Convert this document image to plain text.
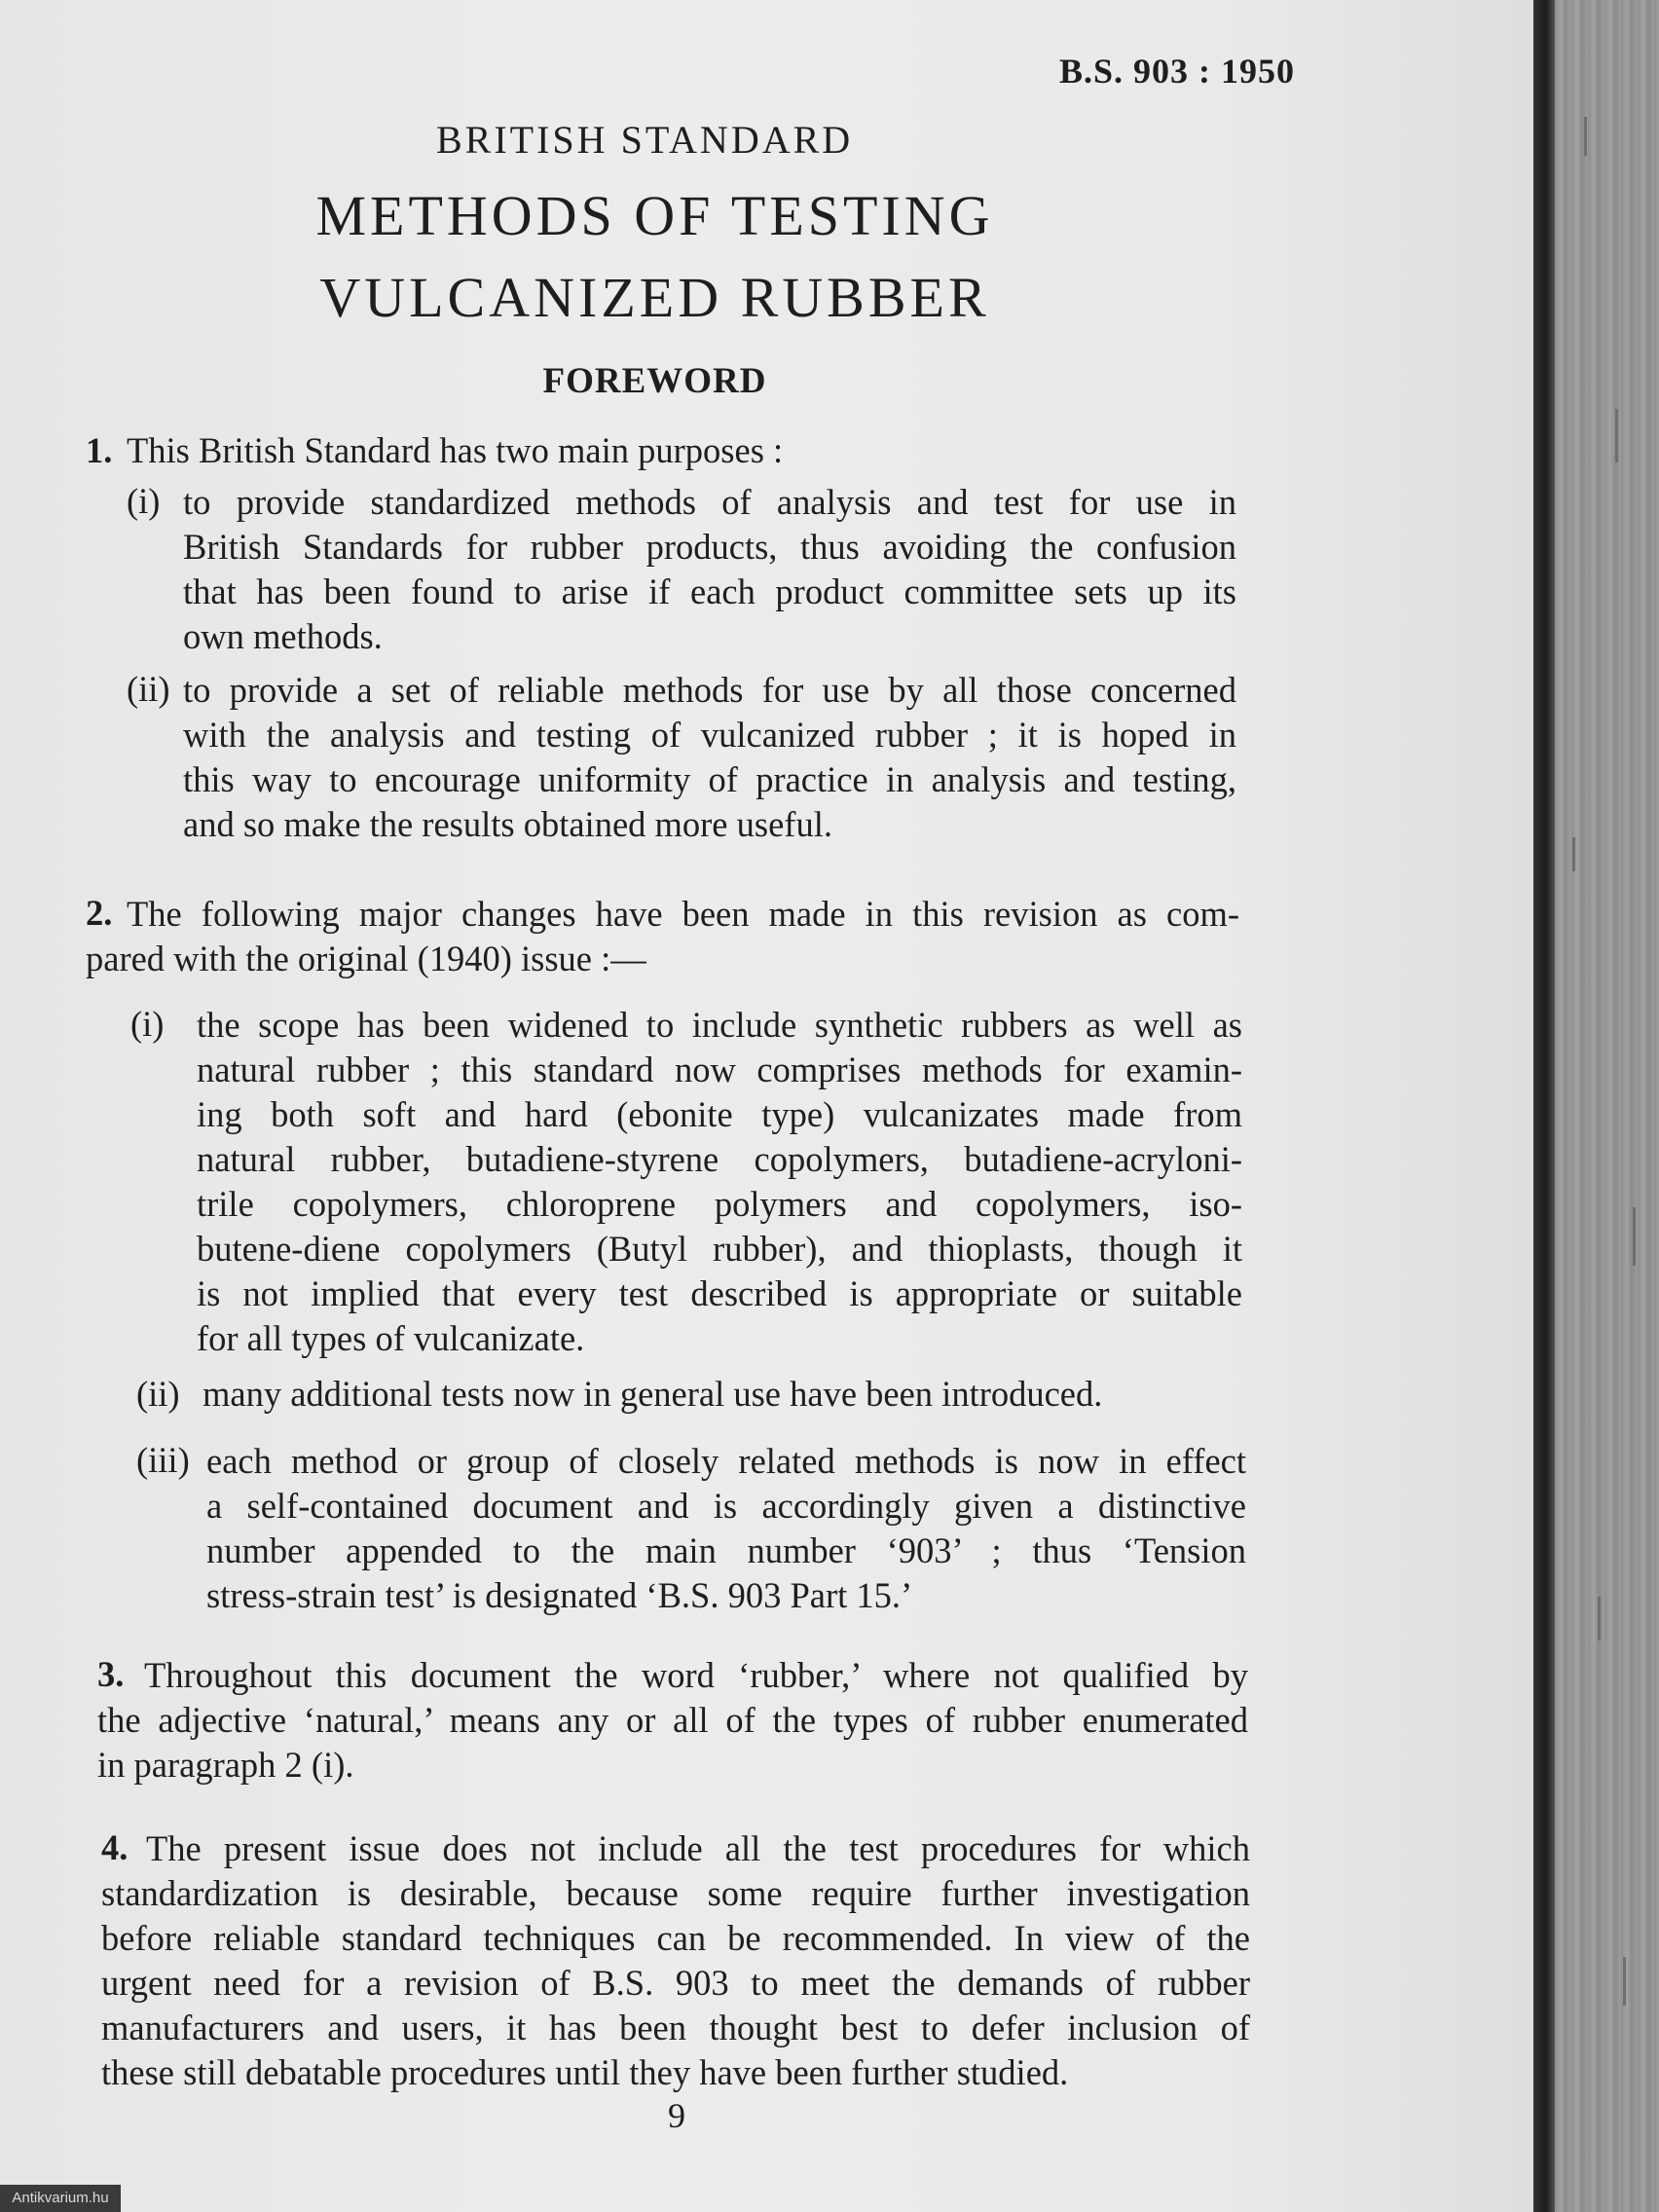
B.S. 903 : 1950
BRITISH STANDARD
METHODS OF TESTING
VULCANIZED RUBBER
FOREWORD
1. This British Standard has two main purposes :
(i) to provide standardized methods of analysis and test for use in
British Standards for rubber products, thus avoiding the confusion
that has been found to arise if each product committee sets up its
own methods.
(ii) to provide a set of reliable methods for use by all those concerned
with the analysis and testing of vulcanized rubber ; it is hoped in
this way to encourage uniformity of practice in analysis and testing,
and so make the results obtained more useful.
2. The following major changes have been made in this revision as com-
pared with the original (1940) issue :—
(i) the scope has been widened to include synthetic rubbers as well as
natural rubber ; this standard now comprises methods for examin-
ing both soft and hard (ebonite type) vulcanizates made from
natural rubber, butadiene-styrene copolymers, butadiene-acryloni-
trile copolymers, chloroprene polymers and copolymers, iso-
butene-diene copolymers (Butyl rubber), and thioplasts, though it
is not implied that every test described is appropriate or suitable
for all types of vulcanizate.
(ii) many additional tests now in general use have been introduced.
(iii) each method or group of closely related methods is now in effect
a self-contained document and is accordingly given a distinctive
number appended to the main number ‘903’ ; thus ‘Tension
stress-strain test’ is designated ‘B.S. 903 Part 15.’
3. Throughout this document the word ‘rubber,’ where not qualified by
the adjective ‘natural,’ means any or all of the types of rubber enumerated
in paragraph 2 (i).
4. The present issue does not include all the test procedures for which
standardization is desirable, because some require further investigation
before reliable standard techniques can be recommended. In view of the
urgent need for a revision of B.S. 903 to meet the demands of rubber
manufacturers and users, it has been thought best to defer inclusion of
these still debatable procedures until they have been further studied.
9
Antikvarium.hu
